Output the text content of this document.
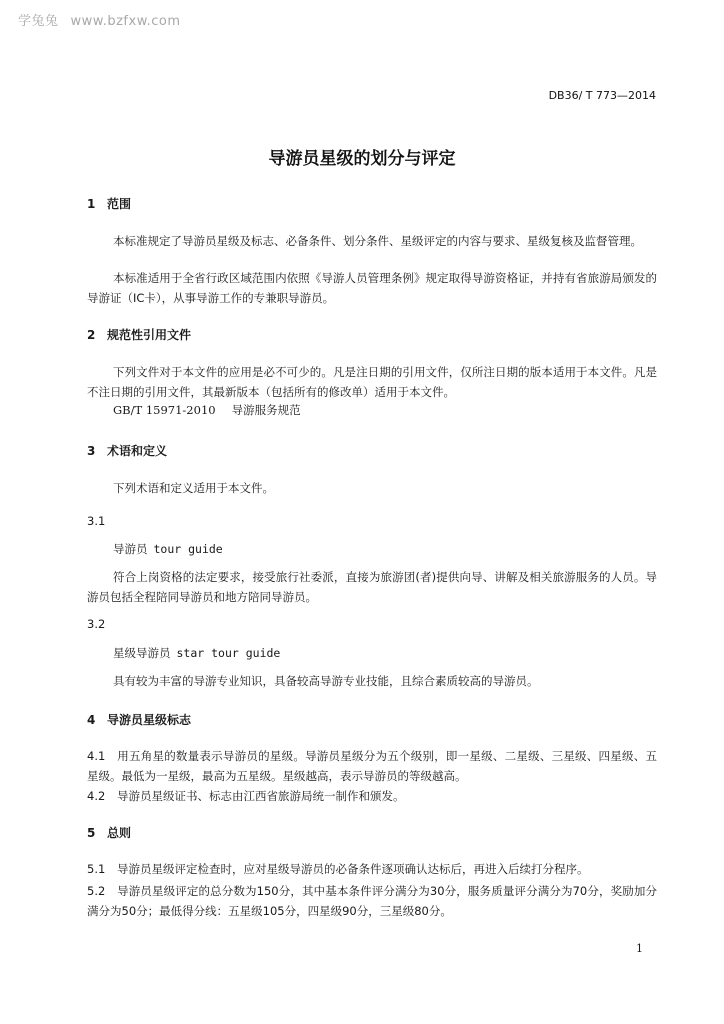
学兔兔 www.bzfxw.com
DB36/ T 773—2014
导游员星级的划分与评定
1 范围
本标准规定了导游员星级及标志、必备条件、划分条件、星级评定的内容与要求、星级复核及监督管理。
本标准适用于全省行政区域范围内依照《导游人员管理条例》规定取得导游资格证，并持有省旅游局颁发的导游证（IC卡），从事导游工作的专兼职导游员。
2 规范性引用文件
下列文件对于本文件的应用是必不可少的。凡是注日期的引用文件，仅所注日期的版本适用于本文件。凡是不注日期的引用文件，其最新版本（包括所有的修改单）适用于本文件。
GB/T 15971-2010 导游服务规范
3 术语和定义
下列术语和定义适用于本文件。
3.1
导游员 tour guide
符合上岗资格的法定要求，接受旅行社委派，直接为旅游团(者)提供向导、讲解及相关旅游服务的人员。导游员包括全程陪同导游员和地方陪同导游员。
3.2
星级导游员 star tour guide
具有较为丰富的导游专业知识，具备较高导游专业技能，且综合素质较高的导游员。
4 导游员星级标志
4.1 用五角星的数量表示导游员的星级。导游员星级分为五个级别，即一星级、二星级、三星级、四星级、五星级。最低为一星级，最高为五星级。星级越高，表示导游员的等级越高。
4.2 导游员星级证书、标志由江西省旅游局统一制作和颁发。
5 总则
5.1 导游员星级评定检查时，应对星级导游员的必备条件逐项确认达标后，再进入后续打分程序。
5.2 导游员星级评定的总分数为150分，其中基本条件评分满分为30分，服务质量评分满分为70分，奖励加分满分为50分；最低得分线：五星级105分，四星级90分，三星级80分。
1
